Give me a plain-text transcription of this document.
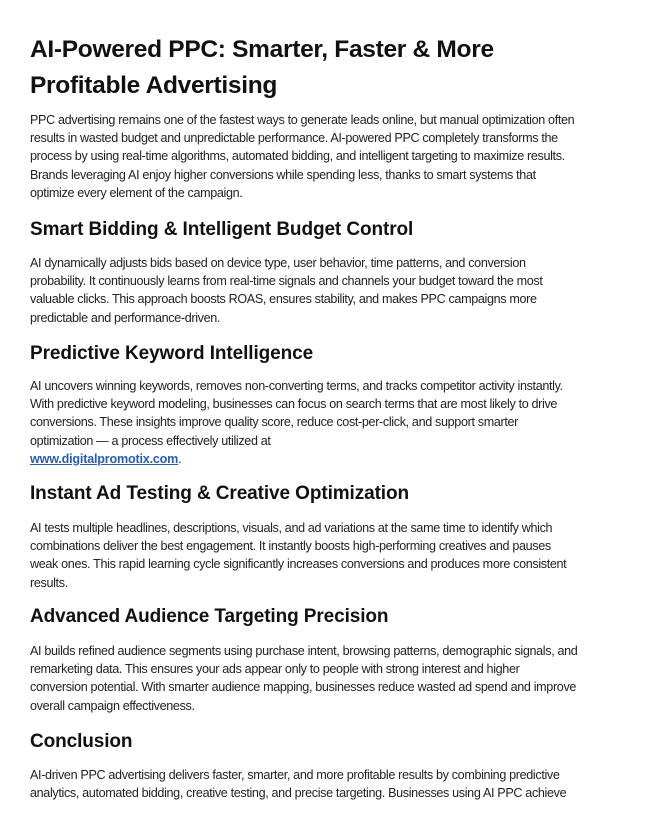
AI-Powered PPC: Smarter, Faster & More
Profitable Advertising

PPC advertising remains one of the fastest ways to generate leads online, but manual optimization often
results in wasted budget and unpredictable performance. AI-powered PPC completely transforms the
process by using real-time algorithms, automated bidding, and intelligent targeting to maximize results.
Brands leveraging AI enjoy higher conversions while spending less, thanks to smart systems that
optimize every element of the campaign.

Smart Bidding & Intelligent Budget Control

AI dynamically adjusts bids based on device type, user behavior, time patterns, and conversion
probability. It continuously learns from real-time signals and channels your budget toward the most
valuable clicks. This approach boosts ROAS, ensures stability, and makes PPC campaigns more
predictable and performance-driven.

Predictive Keyword Intelligence

AI uncovers winning keywords, removes non-converting terms, and tracks competitor activity instantly.
With predictive keyword modeling, businesses can focus on search terms that are most likely to drive
conversions. These insights improve quality score, reduce cost-per-click, and support smarter
optimization — a process effectively utilized at
www.digitalpromotix.com.

Instant Ad Testing & Creative Optimization

AI tests multiple headlines, descriptions, visuals, and ad variations at the same time to identify which
combinations deliver the best engagement. It instantly boosts high-performing creatives and pauses
weak ones. This rapid learning cycle significantly increases conversions and produces more consistent
results.

Advanced Audience Targeting Precision

AI builds refined audience segments using purchase intent, browsing patterns, demographic signals, and
remarketing data. This ensures your ads appear only to people with strong interest and higher
conversion potential. With smarter audience mapping, businesses reduce wasted ad spend and improve
overall campaign effectiveness.

Conclusion

AI-driven PPC advertising delivers faster, smarter, and more profitable results by combining predictive
analytics, automated bidding, creative testing, and precise targeting. Businesses using AI PPC achieve
